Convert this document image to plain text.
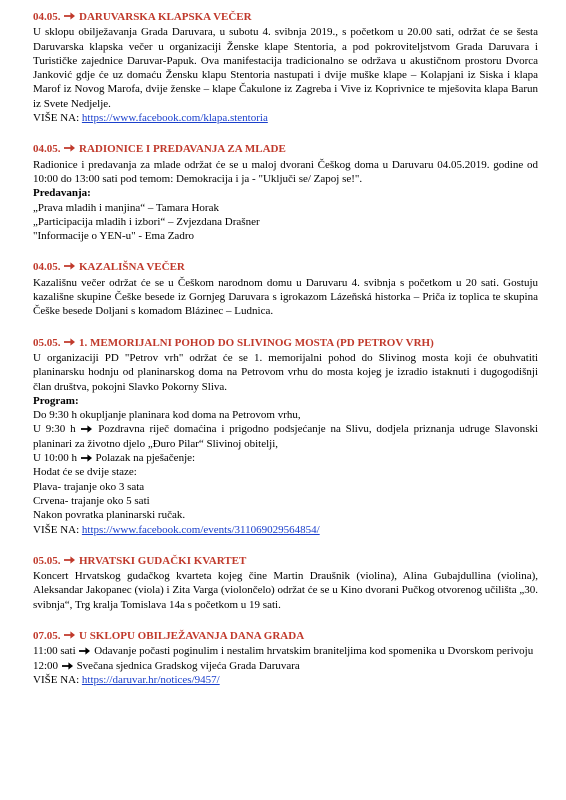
04.05. DARUVARSKA KLAPSKA VEČER
U sklopu obilježavanja Grada Daruvara, u subotu 4. svibnja 2019., s početkom u 20.00 sati, održat će se šesta Daruvarska klapska večer u organizaciji Ženske klape Stentoria, a pod pokroviteljstvom Grada Daruvara i Turističke zajednice Daruvar-Papuk. Ova manifestacija tradicionalno se održava u akustičnom prostoru Dvorca Janković gdje će uz domaću Žensku klapu Stentoria nastupati i dvije muške klape – Kolapjani iz Siska i klapa Marof iz Novog Marofa, dvije ženske – klape Čakulone iz Zagreba i Vive iz Koprivnice te mješovita klapa Barun iz Svete Nedjelje.
VIŠE NA: https://www.facebook.com/klapa.stentoria
04.05. RADIONICE I PREDAVANJA ZA MLADE
Radionice i predavanja za mlade održat će se u maloj dvorani Češkog doma u Daruvaru 04.05.2019. godine od 10:00 do 13:00 sati pod temom: Demokracija i ja - "Uključi se/ Zapoj se!".
Predavanja:
„Prava mladih i manjina“ – Tamara Horak
„Participacija mladih i izbori“ – Zvjezdana Drašner
"Informacije o YEN-u" - Ema Zadro
04.05. KAZALIŠNA VEČER
Kazališnu večer održat će se u Češkom narodnom domu u Daruvaru 4. svibnja s početkom u 20 sati. Gostuju kazališne skupine Češke besede iz Gornjeg Daruvara s igrokazom Lázeňská historka – Priča iz toplica te skupina Češke besede Doljani s komadom Blázinec – Ludnica.
05.05. 1. MEMORIJALNI POHOD DO SLIVINOG MOSTA (PD PETROV VRH)
U organizaciji PD "Petrov vrh" održat će se 1. memorijalni pohod do Slivinog mosta koji će obuhvatiti planinarsku hodnju od planinarskog doma na Petrovom vrhu do mosta kojeg je izradio istaknuti i dugogodišnji član društva, pokojni Slavko Pokorny Sliva.
Program:
Do 9:30 h okupljanje planinara kod doma na Petrovom vrhu,
U 9:30 h Pozdravna riječ domaćina i prigodno podsjećanje na Slivu, dodjela priznanja udruge Slavonski planinari za životno djelo „Đuro Pilar“ Slivinoj obitelji,
U 10:00 h Polazak na pješačenje:
Hodat će se dvije staze:
Plava- trajanje oko 3 sata
Crvena- trajanje oko 5 sati
Nakon povratka planinarski ručak.
VIŠE NA: https://www.facebook.com/events/311069029564854/
05.05. HRVATSKI GUDAČKI KVARTET
Koncert Hrvatskog gudačkog kvarteta kojeg čine Martin Draušnik (violina), Alina Gubajdullina (violina), Aleksandar Jakopanec (viola) i Zita Varga (violončelo) održat će se u Kino dvorani Pučkog otvorenog učilišta „30. svibnja“, Trg kralja Tomislava 14a s početkom u 19 sati.
07.05. U SKLOPU OBILJEŽAVANJA DANA GRADA
11:00 sati Odavanje počasti poginulim i nestalim hrvatskim braniteljima kod spomenika u Dvorskom perivoju
12:00 Svečana sjednica Gradskog vijeća Grada Daruvara
VIŠE NA: https://daruvar.hr/notices/9457/
